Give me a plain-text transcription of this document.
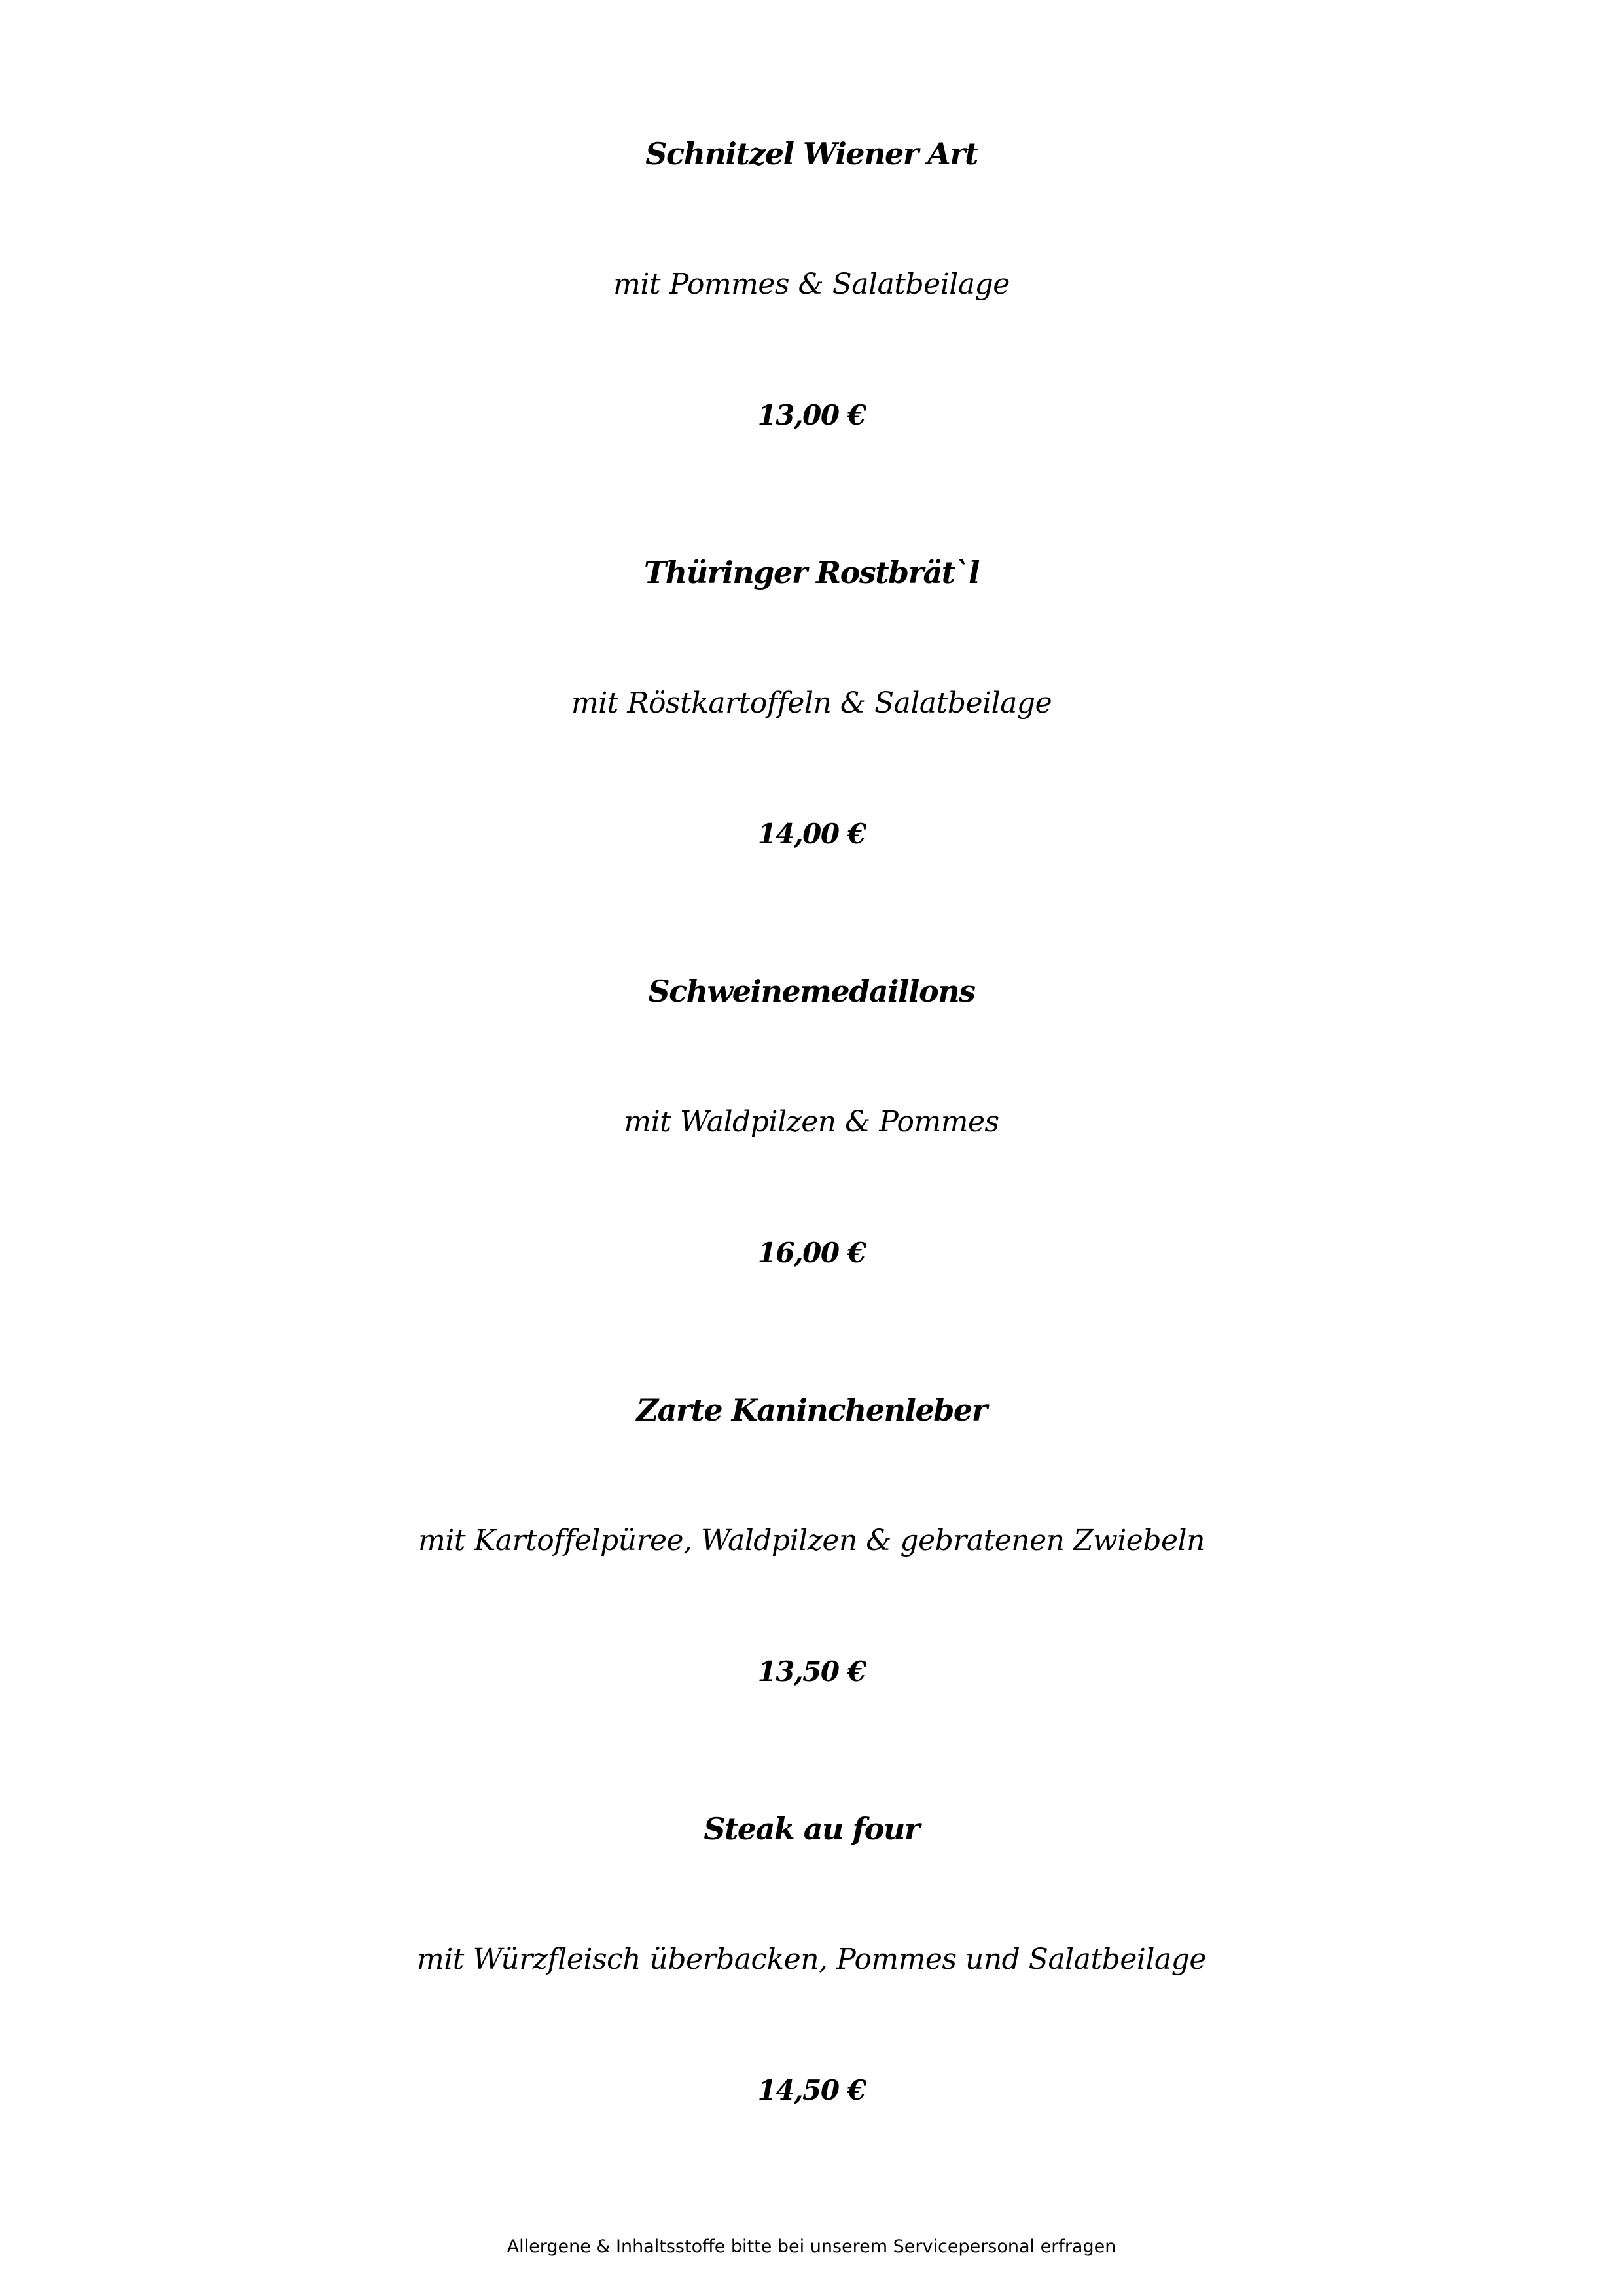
Schnitzel Wiener Art
mit Pommes & Salatbeilage
13,00 €
Thüringer Rostbrät`l
mit Röstkartoffeln & Salatbeilage
14,00 €
Schweinemedaillons
mit Waldpilzen & Pommes
16,00 €
Zarte Kaninchenleber
mit Kartoffelpüree, Waldpilzen & gebratenen Zwiebeln
13,50 €
Steak au four
mit Würzfleisch überbacken, Pommes und Salatbeilage
14,50 €
Allergene & Inhaltsstoffe bitte bei unserem Servicepersonal erfragen
